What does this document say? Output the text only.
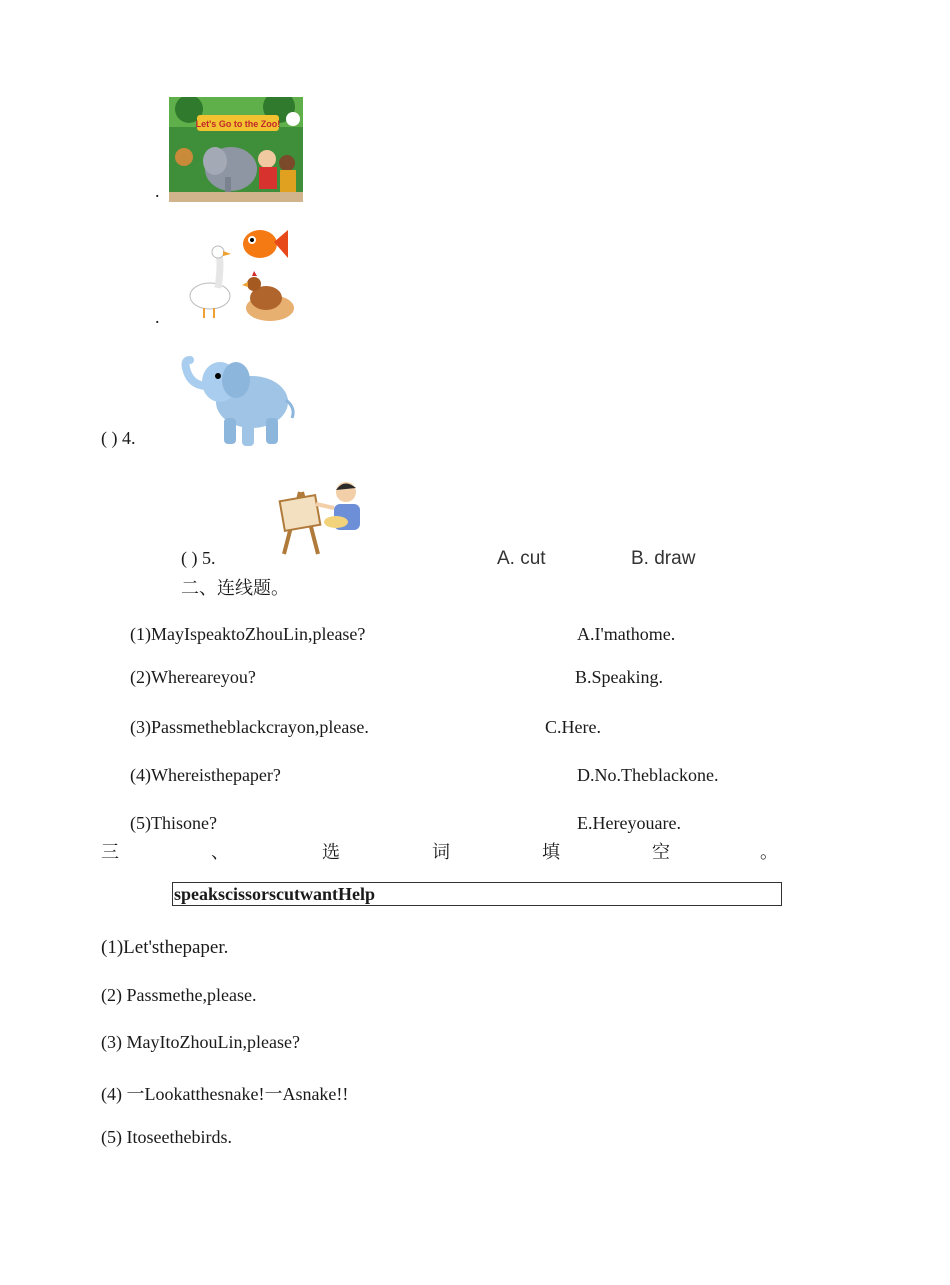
.
Let's Go to the Zoo!
.
( ) 4.
( ) 5.	A. cut	B. draw
二、连线题。
(1)MayIspeaktoZhouLin,please?
(2)Whereareyou?
(3)Passmetheblackcrayon,please.
(4)Whereisthepaper?
(5)Thisone?
A.I'mathome.
B.Speaking.
C.Here.
D.No.Theblackone.
E.Hereyouare.
三	、	选	词	填	空	。
speakscissorscutwantHelp
(1)Let'sthepaper.
(2) Passmethe,please.
(3) MayItoZhouLin,please?
(4) 一Lookatthesnake!一Asnake!!
(5) Itoseethebirds.
